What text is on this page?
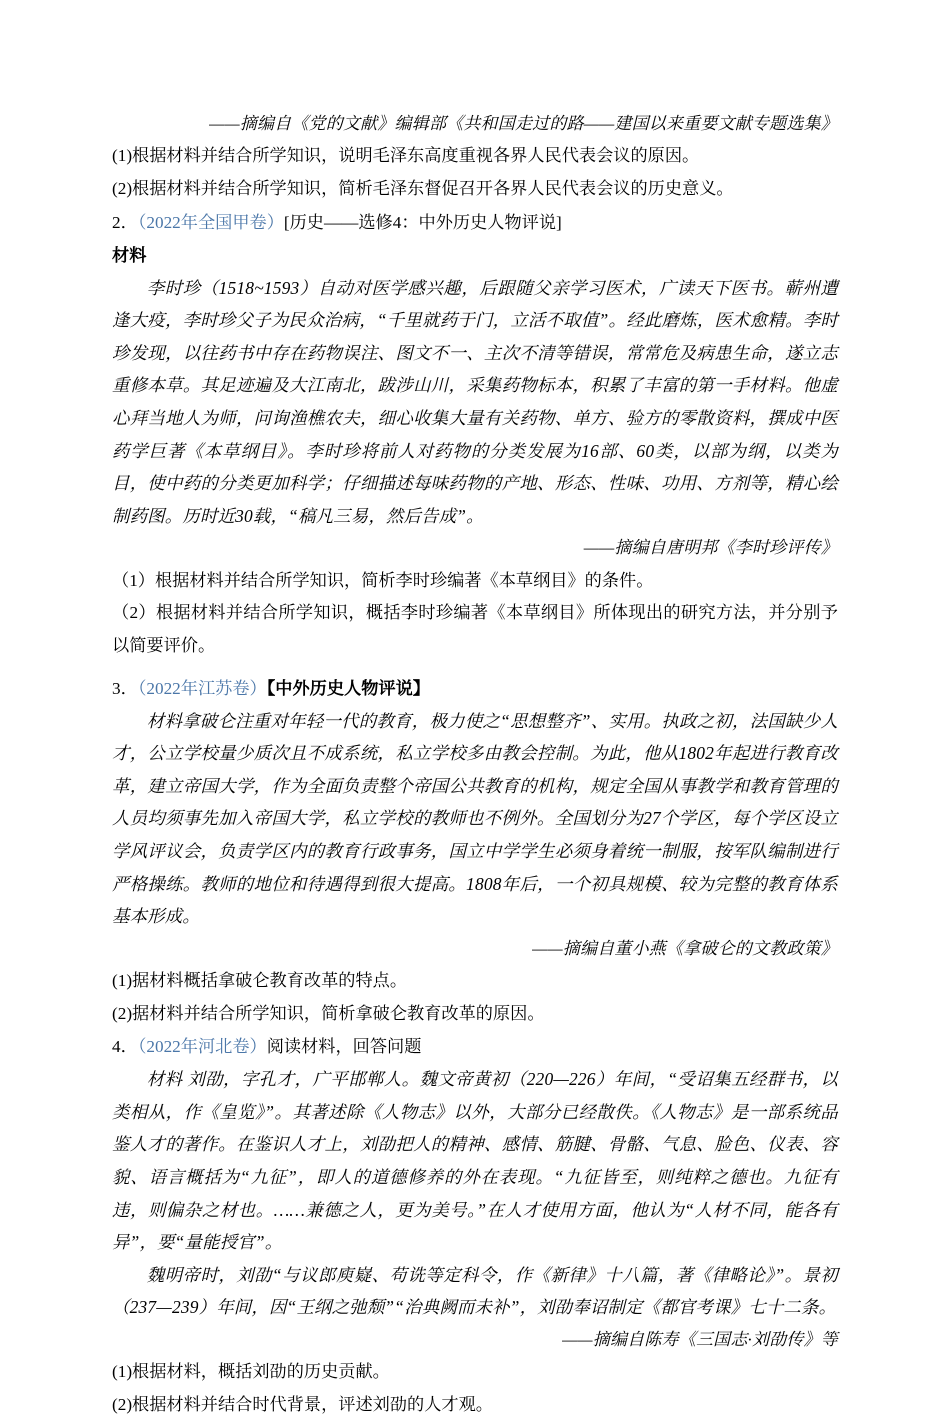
——摘编自《党的文献》编辑部《共和国走过的路——建国以来重要文献专题选集》

(1)根据材料并结合所学知识，说明毛泽东高度重视各界人民代表会议的原因。

(2)根据材料并结合所学知识，简析毛泽东督促召开各界人民代表会议的历史意义。

2．（2022年全国甲卷）[历史——选修4：中外历史人物评说]

材料

李时珍（1518~1593）自动对医学感兴趣，后跟随父亲学习医术，广读天下医书。蕲州遭逢大疫，李时珍父子为民众治病，“千里就药于门，立活不取值”。经此磨炼，医术愈精。李时珍发现，以往药书中存在药物误注、图文不一、主次不清等错误，常常危及病患生命，遂立志重修本草。其足迹遍及大江南北，跋涉山川，采集药物标本，积累了丰富的第一手材料。他虚心拜当地人为师，问询渔樵农夫，细心收集大量有关药物、单方、验方的零散资料，撰成中医药学巨著《本草纲目》。李时珍将前人对药物的分类发展为16部、60类，以部为纲，以类为目，使中药的分类更加科学；仔细描述每味药物的产地、形态、性味、功用、方剂等，精心绘制药图。历时近30载，“稿凡三易，然后告成”。

——摘编自唐明邦《李时珍评传》

（1）根据材料并结合所学知识，简析李时珍编著《本草纲目》的条件。

（2）根据材料并结合所学知识，概括李时珍编著《本草纲目》所体现出的研究方法，并分别予以简要评价。

3．（2022年江苏卷）【中外历史人物评说】

材料拿破仑注重对年轻一代的教育，极力使之“思想整齐”、实用。执政之初，法国缺少人才，公立学校量少质次且不成系统，私立学校多由教会控制。为此，他从1802年起进行教育改革，建立帝国大学，作为全面负责整个帝国公共教育的机构，规定全国从事教学和教育管理的人员均须事先加入帝国大学，私立学校的教师也不例外。全国划分为27个学区，每个学区设立学风评议会，负责学区内的教育行政事务，国立中学学生必须身着统一制服，按军队编制进行严格操练。教师的地位和待遇得到很大提高。1808年后，一个初具规模、较为完整的教育体系基本形成。

——摘编自董小燕《拿破仑的文教政策》

(1)据材料概括拿破仑教育改革的特点。

(2)据材料并结合所学知识，简析拿破仑教育改革的原因。

4．（2022年河北卷）阅读材料，回答问题

材料 刘劭，字孔才，广平邯郸人。魏文帝黄初（220—226）年间，“受诏集五经群书，以类相从，作《皇览》”。其著述除《人物志》以外，大部分已经散佚。《人物志》是一部系统品鉴人才的著作。在鉴识人才上，刘劭把人的精神、感情、筋腱、骨骼、气息、脸色、仪表、容貌、语言概括为“九征”，即人的道德修养的外在表现。“九征皆至，则纯粹之德也。九征有违，则偏杂之材也。……兼德之人，更为美号。”在人才使用方面，他认为“人材不同，能各有异”，要“量能授官”。

魏明帝时，刘劭“与议郎庾嶷、苟诜等定科令，作《新律》十八篇，著《律略论》”。景初（237—239）年间，因“王纲之弛颓”“治典阙而未补”，刘劭奉诏制定《都官考课》七十二条。

——摘编自陈寿《三国志·刘劭传》等

(1)根据材料，概括刘劭的历史贡献。

(2)根据材料并结合时代背景，评述刘劭的人才观。
